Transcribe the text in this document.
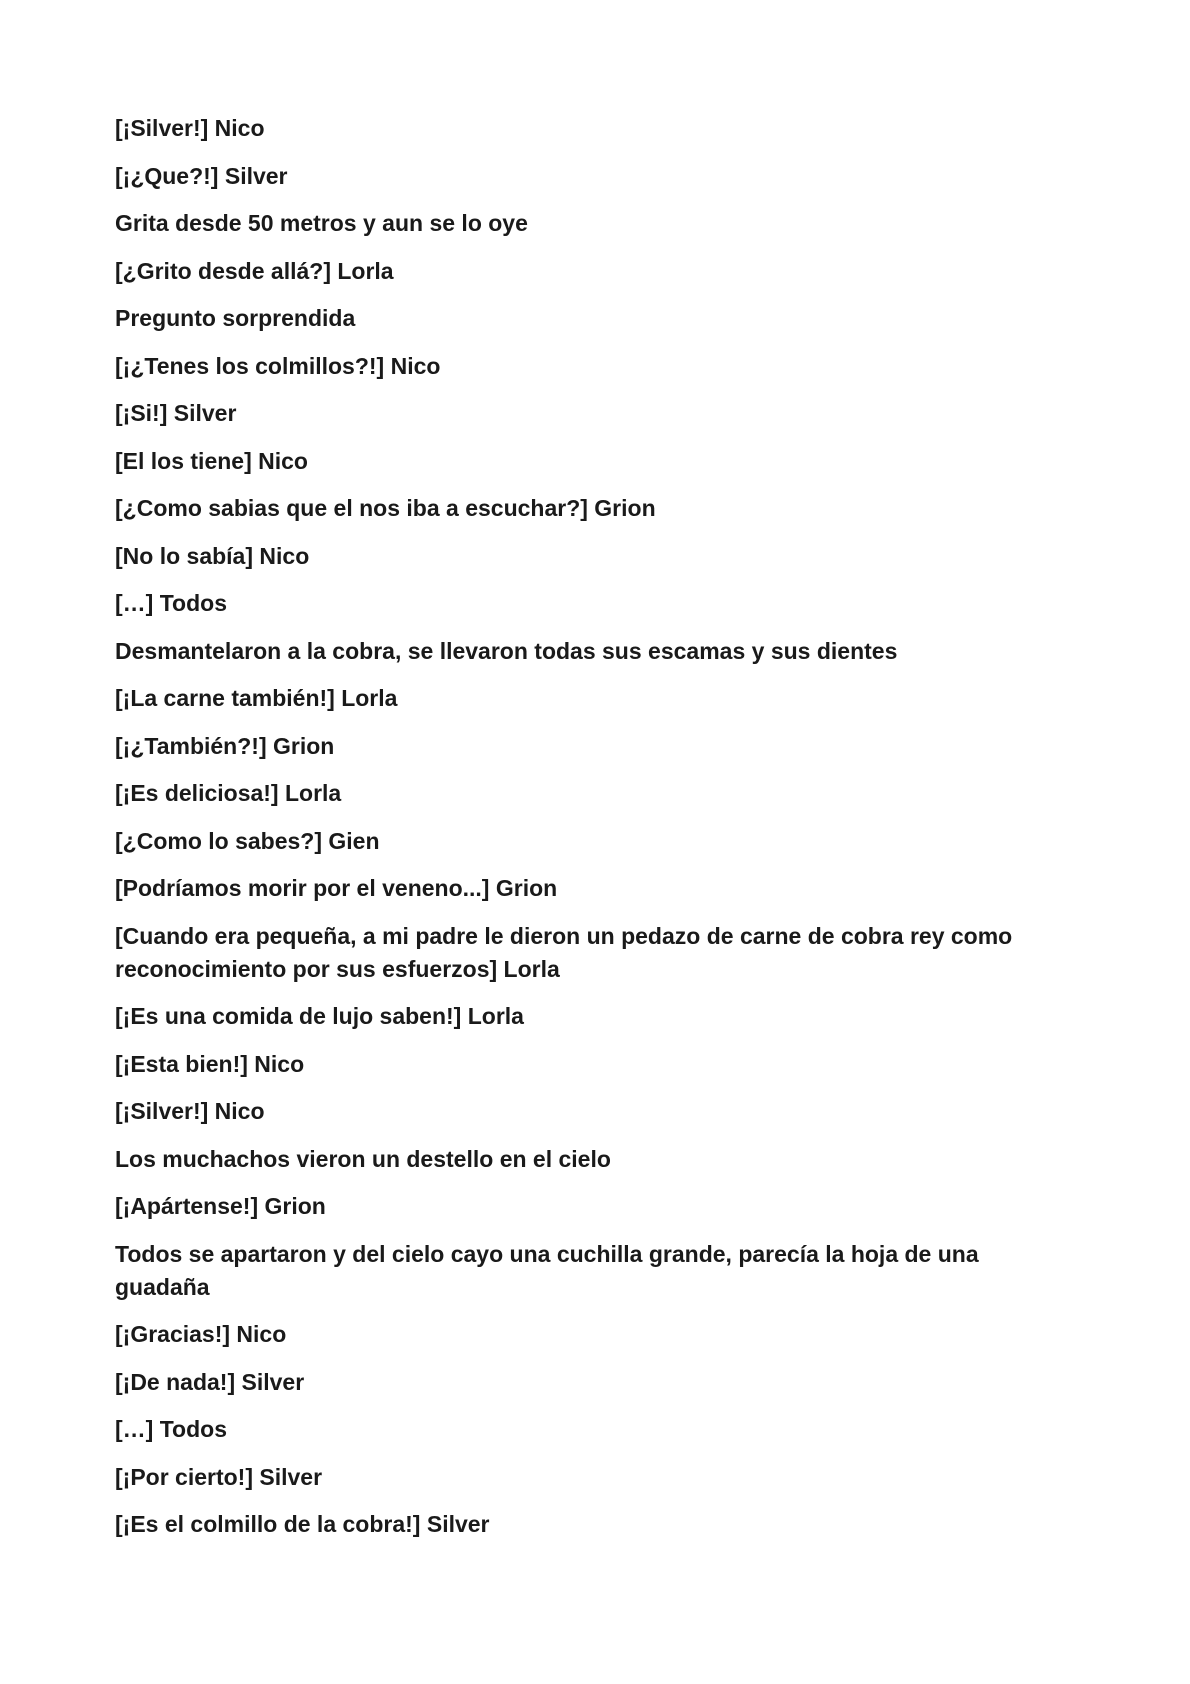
[¡Silver!] Nico

[¡¿Que?!] Silver

Grita desde 50 metros y aun se lo oye

[¿Grito desde allá?] Lorla

Pregunto sorprendida

[¡¿Tenes los colmillos?!] Nico

[¡Si!] Silver

[El los tiene] Nico

[¿Como sabias que el nos iba a escuchar?] Grion

[No lo sabía] Nico

[…] Todos

Desmantelaron a la cobra, se llevaron todas sus escamas y sus dientes

[¡La carne también!] Lorla

[¡¿También?!] Grion

[¡Es deliciosa!] Lorla

[¿Como lo sabes?] Gien

[Podríamos morir por el veneno...] Grion

[Cuando era pequeña, a mi padre le dieron un pedazo de carne de cobra rey como reconocimiento por sus esfuerzos] Lorla

[¡Es una comida de lujo saben!] Lorla

[¡Esta bien!] Nico

[¡Silver!] Nico

Los muchachos vieron un destello en el cielo

[¡Apártense!] Grion

Todos se apartaron y del cielo cayo una cuchilla grande, parecía la hoja de una guadaña

[¡Gracias!] Nico

[¡De nada!] Silver

[…] Todos

[¡Por cierto!] Silver

[¡Es el colmillo de la cobra!] Silver
